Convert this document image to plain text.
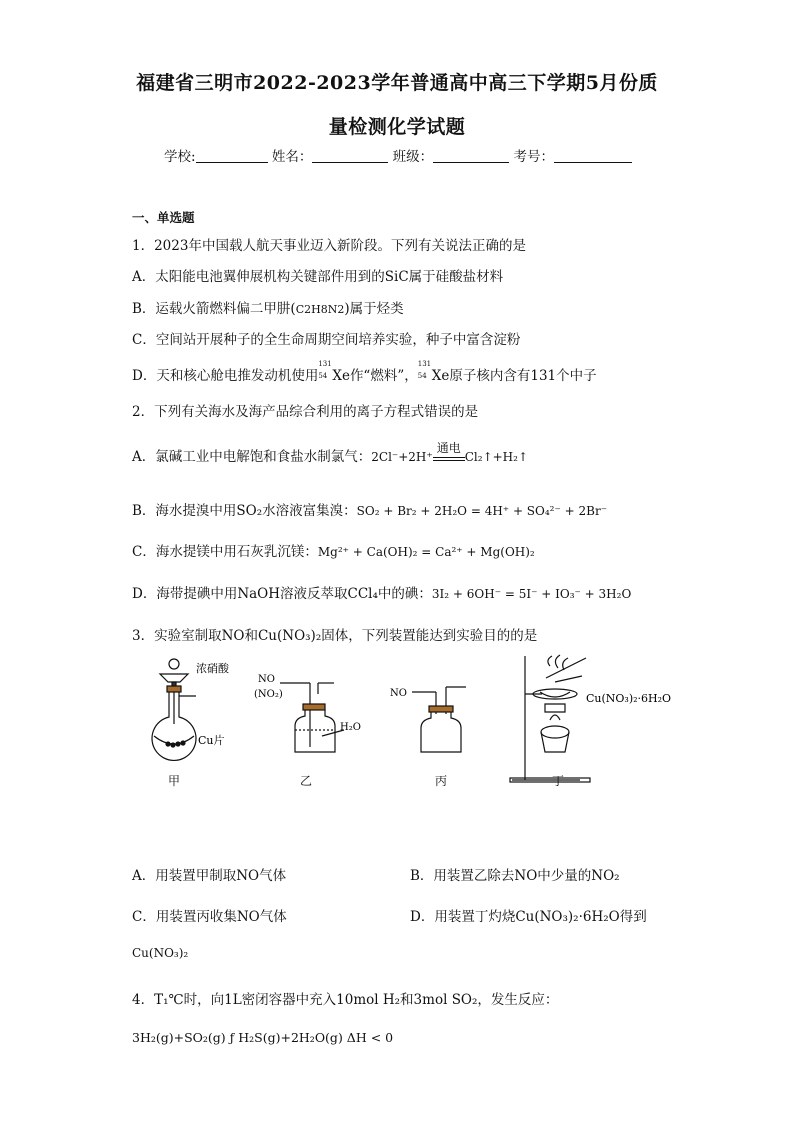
福建省三明市2022-2023学年普通高中高三下学期5月份质
量检测化学试题
学校:	姓名：	班级：	考号：
一、单选题
1．2023年中国载人航天事业迈入新阶段。下列有关说法正确的是
A．太阳能电池翼伸展机构关键部件用到的SiC属于硅酸盐材料
B．运载火箭燃料偏二甲肼(C2H8N2)属于烃类
C．空间站开展种子的全生命周期空间培养实验，种子中富含淀粉
D．天和核心舱电推发动机使用
131
54 Xe作“燃料”，
131
54 Xe原子核内含有131个中子
2．下列有关海水及海产品综合利用的离子方程式错误的是
A．氯碱工业中电解饱和食盐水制氯气：2Cl⁻+2H⁺
通电
Cl₂↑+H₂↑
B．海水提溴中用SO₂水溶液富集溴：SO₂ + Br₂ + 2H₂O = 4H⁺ + SO₄²⁻ + 2Br⁻
C．海水提镁中用石灰乳沉镁：Mg²⁺ + Ca(OH)₂ = Ca²⁺ + Mg(OH)₂
D．海带提碘中用NaOH溶液反萃取CCl₄中的碘：3I₂ + 6OH⁻ = 5I⁻ + IO₃⁻ + 3H₂O
3．实验室制取NO和Cu(NO₃)₂固体，下列装置能达到实验目的的是
浓硝酸
Cu片
NO
(NO₂)
H₂O
NO	Cu(NO₃)₂·6H₂O
甲	乙	丙	丁
A．用装置甲制取NO气体	B．用装置乙除去NO中少量的NO₂
C．用装置丙收集NO气体	D．用装置丁灼烧Cu(NO₃)₂·6H₂O得到
Cu(NO₃)₂
4．T₁℃时，向1L密闭容器中充入10mol H₂和3mol SO₂，发生反应：
3H₂(g)+SO₂(g) ƒ H₂S(g)+2H₂O(g) ΔH < 0
